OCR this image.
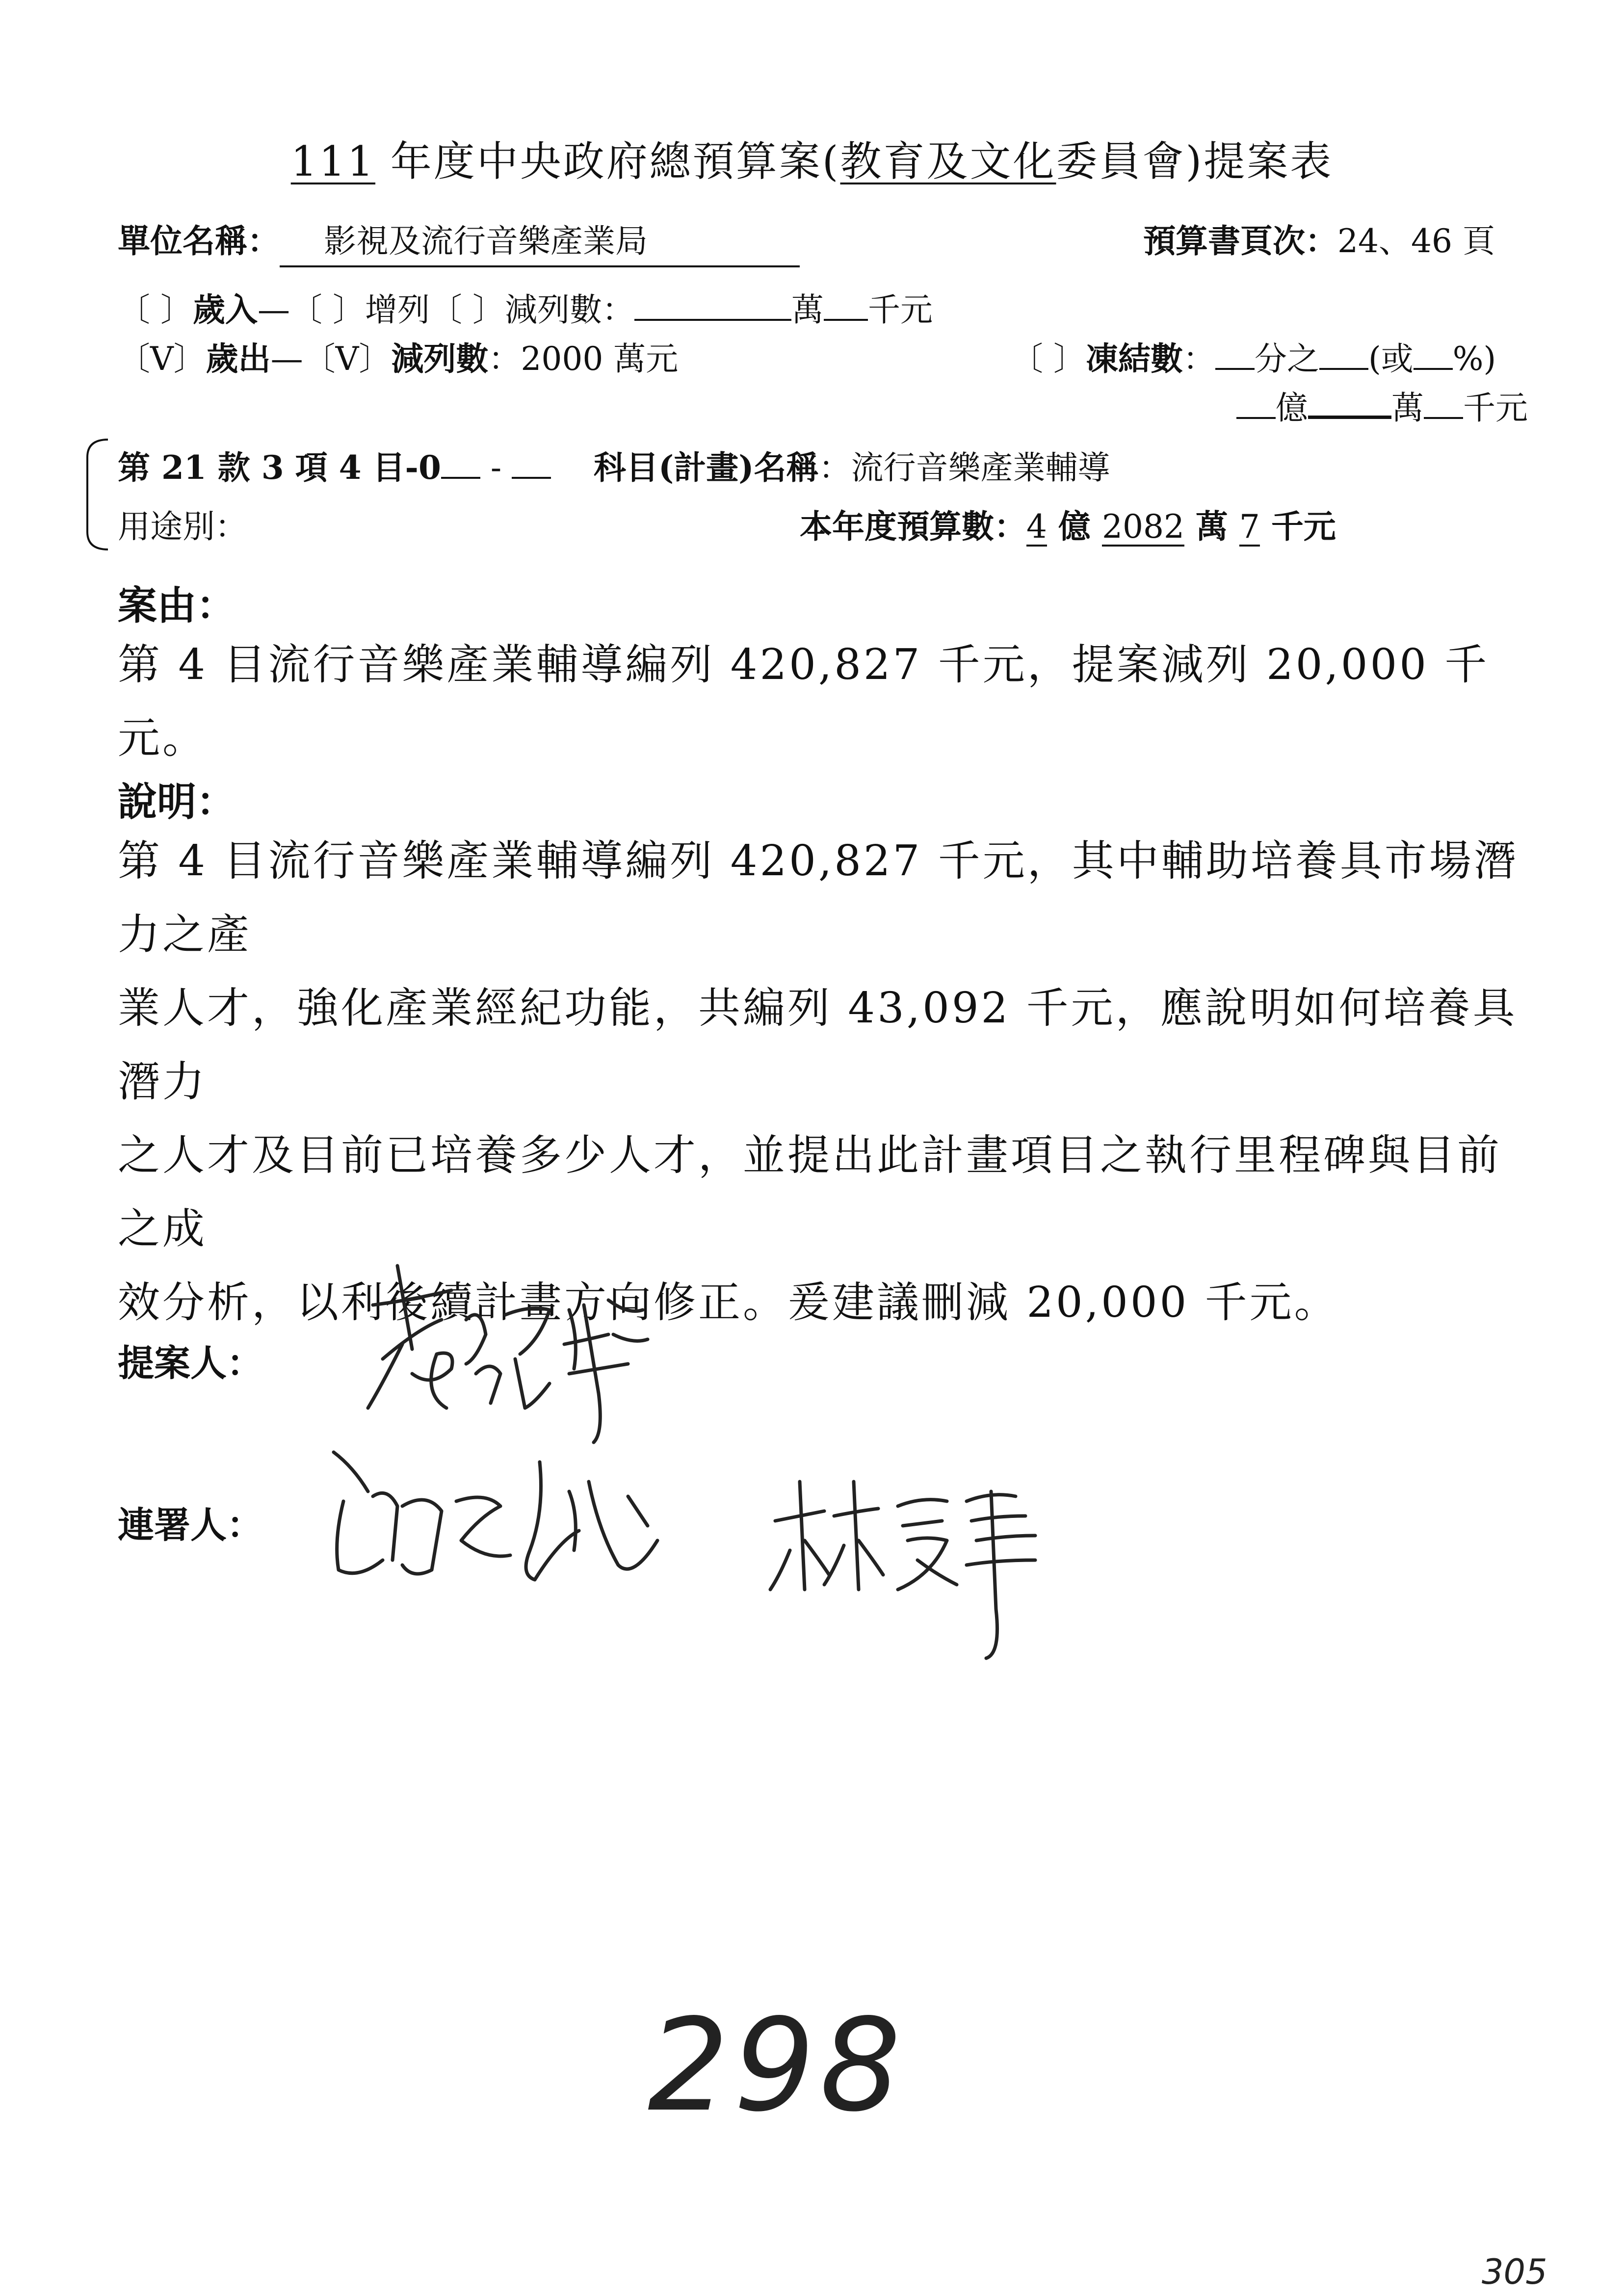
111 年度中央政府總預算案(教育及文化委員會)提案表
單位名稱： 影視及流行音樂產業局	預算書頁次：24、46 頁
〔 〕歲入—〔 〕增列〔 〕減列數：	萬 千元
〔V〕歲出—〔V〕減列數：2000 萬元	〔 〕凍結數： 分之 (或 %)
億	萬 千元
第 21 款 3 項 4 目-0 -	科目(計畫)名稱：流行音樂產業輔導
用途別：	本年度預算數：4 億 2082 萬 7 千元
案由：
第 4 目流行音樂產業輔導編列 420,827 千元，提案減列 20,000 千元。
說明：
第 4 目流行音樂產業輔導編列 420,827 千元，其中輔助培養具市場潛力之產
業人才，強化產業經紀功能，共編列 43,092 千元，應說明如何培養具潛力
之人才及目前已培養多少人才，並提出此計畫項目之執行里程碑與目前之成
效分析，以利後續計畫方向修正。爰建議刪減 20,000 千元。
提案人：
連署人：
298
305
